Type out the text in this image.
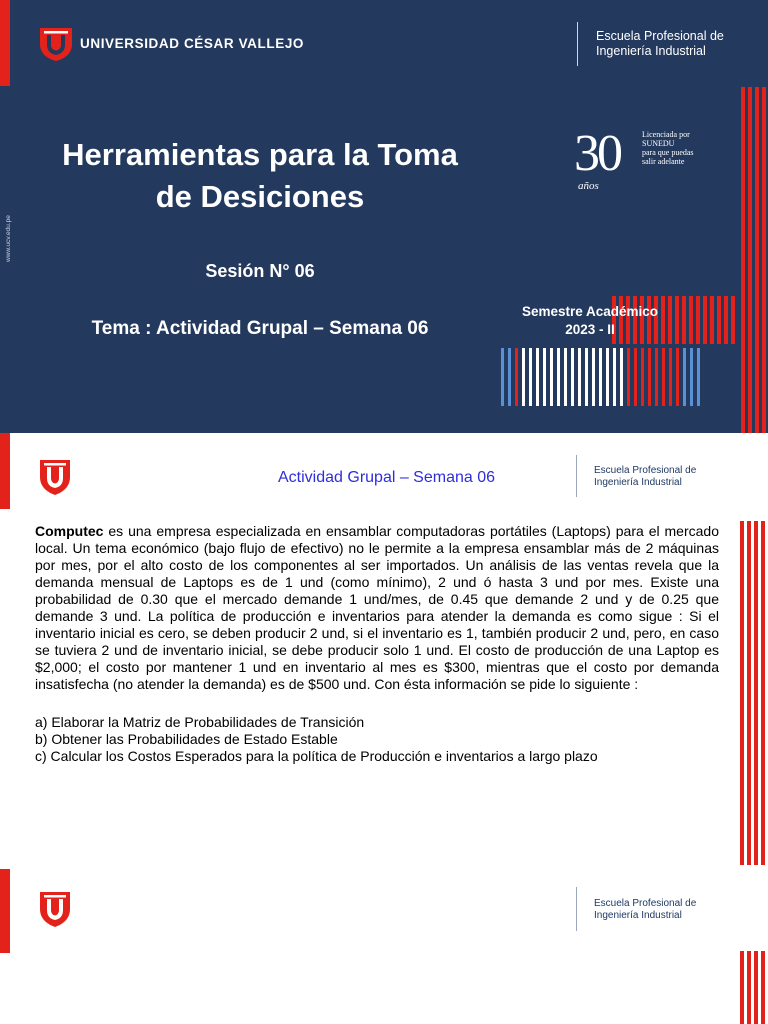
UNIVERSIDAD CÉSAR VALLEJO	Escuela Profesional de
Ingeniería Industrial
Herramientas para la Toma
de Desiciones
Sesión N° 06
Tema : Actividad Grupal – Semana 06
www.ucv.edu.pe
30
años
Licenciada por
SUNEDU
para que puedas
salir adelante
Semestre Académico
2023 - II
Actividad Grupal – Semana 06	Escuela Profesional de
Ingeniería Industrial

Computec es una empresa especializada en ensamblar computadoras portátiles (Laptops) para el mercado local. Un tema económico (bajo flujo de efectivo) no le permite a la empresa ensamblar más de 2 máquinas por mes, por el alto costo de los componentes al ser importados. Un análisis de las ventas revela que la demanda mensual de Laptops es de 1 und (como mínimo), 2 und ó hasta 3 und por mes. Existe una probabilidad de 0.30 que el mercado demande 1 und/mes, de 0.45 que demande 2 und y de 0.25 que demande 3 und. La política de producción e inventarios para atender la demanda es como sigue : Si el inventario inicial es cero, se deben producir 2 und, si el inventario es 1, también producir 2 und, pero, en caso se tuviera 2 und de inventario inicial, se debe producir solo 1 und. El costo de producción de una Laptop es $2,000; el costo por mantener 1 und en inventario al mes es $300, mientras que el costo por demanda insatisfecha (no atender la demanda) es de $500 und. Con ésta información se pide lo siguiente :

a) Elaborar la Matriz de Probabilidades de Transición
b) Obtener las Probabilidades de Estado Estable
c) Calcular los Costos Esperados para la política de Producción e inventarios a largo plazo
Escuela Profesional de
Ingeniería Industrial
